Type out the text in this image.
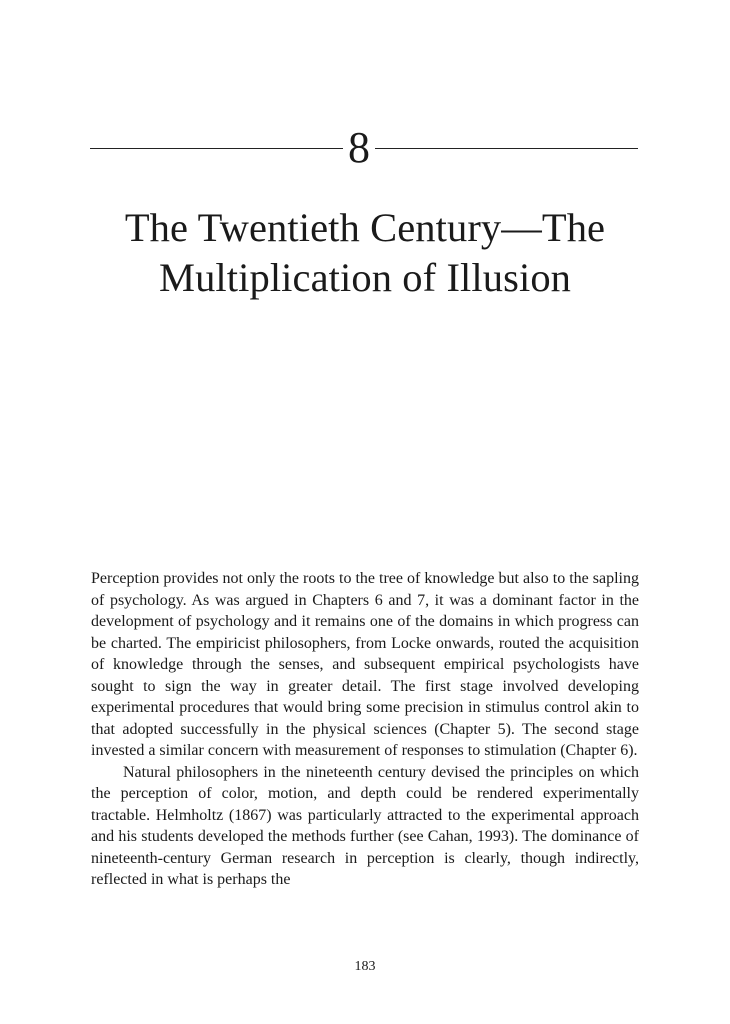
8
The Twentieth Century—The
Multiplication of Illusion

Perception provides not only the roots to the tree of knowledge but also to the sapling of psychology. As was argued in Chapters 6 and 7, it was a dominant factor in the development of psychology and it remains one of the domains in which progress can be charted. The empiricist philosophers, from Locke onwards, routed the acquisition of knowledge through the senses, and subsequent empirical psychologists have sought to sign the way in greater detail. The first stage involved developing experimental procedures that would bring some precision in stimulus control akin to that adopted successfully in the physical sciences (Chapter 5). The second stage invested a similar concern with measurement of responses to stimulation (Chapter 6).

Natural philosophers in the nineteenth century devised the principles on which the perception of color, motion, and depth could be rendered experimentally tractable. Helmholtz (1867) was particularly attracted to the experimental approach and his students developed the methods further (see Cahan, 1993). The dominance of nineteenth-century German research in perception is clearly, though indirectly, reflected in what is perhaps the

183
